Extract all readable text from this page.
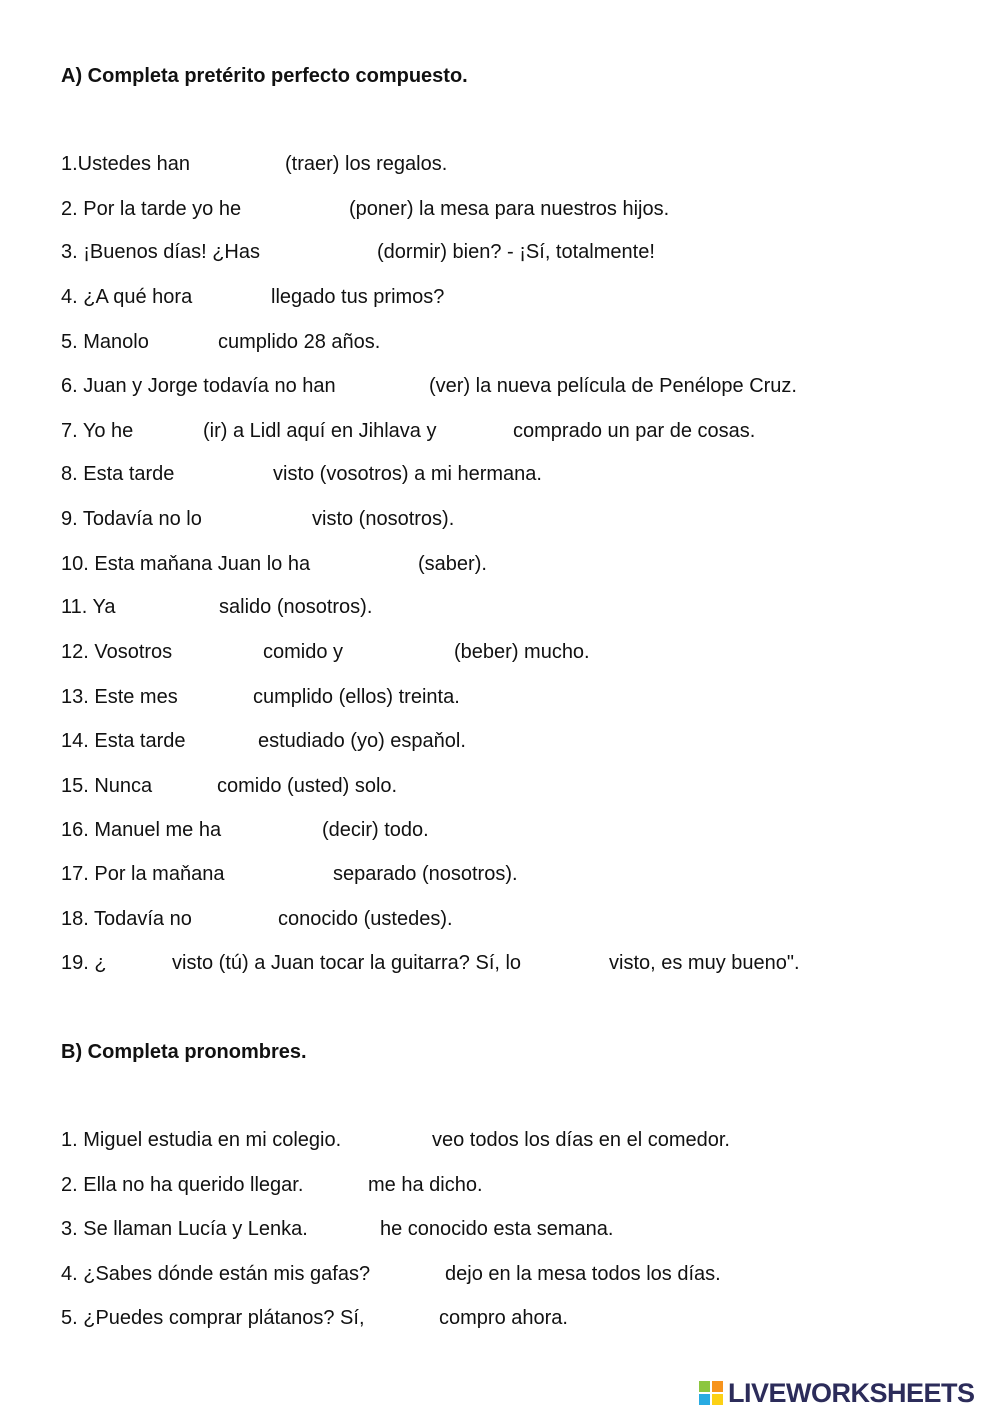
A) Completa pretérito perfecto compuesto.
1.Ustedes han	(traer) los regalos.
2. Por la tarde yo he	(poner) la mesa para nuestros hijos.
3. ¡Buenos días! ¿Has	(dormir) bien? - ¡Sí, totalmente!
4. ¿A qué hora	llegado tus primos?
5. Manolo	cumplido 28 años.
6. Juan y Jorge todavía no han	(ver) la nueva película de Penélope Cruz.
7. Yo he	(ir) a Lidl aquí en Jihlava y	comprado un par de cosas.
8. Esta tarde	visto (vosotros) a mi hermana.
9. Todavía no lo	visto (nosotros).
10. Esta maňana Juan lo ha	(saber).
11. Ya	salido (nosotros).
12. Vosotros	comido y	(beber) mucho.
13. Este mes	cumplido (ellos) treinta.
14. Esta tarde	estudiado (yo) espaňol.
15. Nunca	comido (usted) solo.
16. Manuel me ha	(decir) todo.
17. Por la maňana	separado (nosotros).
18. Todavía no	conocido (ustedes).
19. ¿	visto (tú) a Juan tocar la guitarra? Sí, lo	visto, es muy bueno".
B) Completa pronombres.
1. Miguel estudia en mi colegio.	veo todos los días en el comedor.
2. Ella no ha querido llegar.	me ha dicho.
3. Se llaman Lucía y Lenka.	he conocido esta semana.
4. ¿Sabes dónde están mis gafas?	dejo en la mesa todos los días.
5. ¿Puedes comprar plátanos? Sí,	compro ahora.
LIVEWORKSHEETS
